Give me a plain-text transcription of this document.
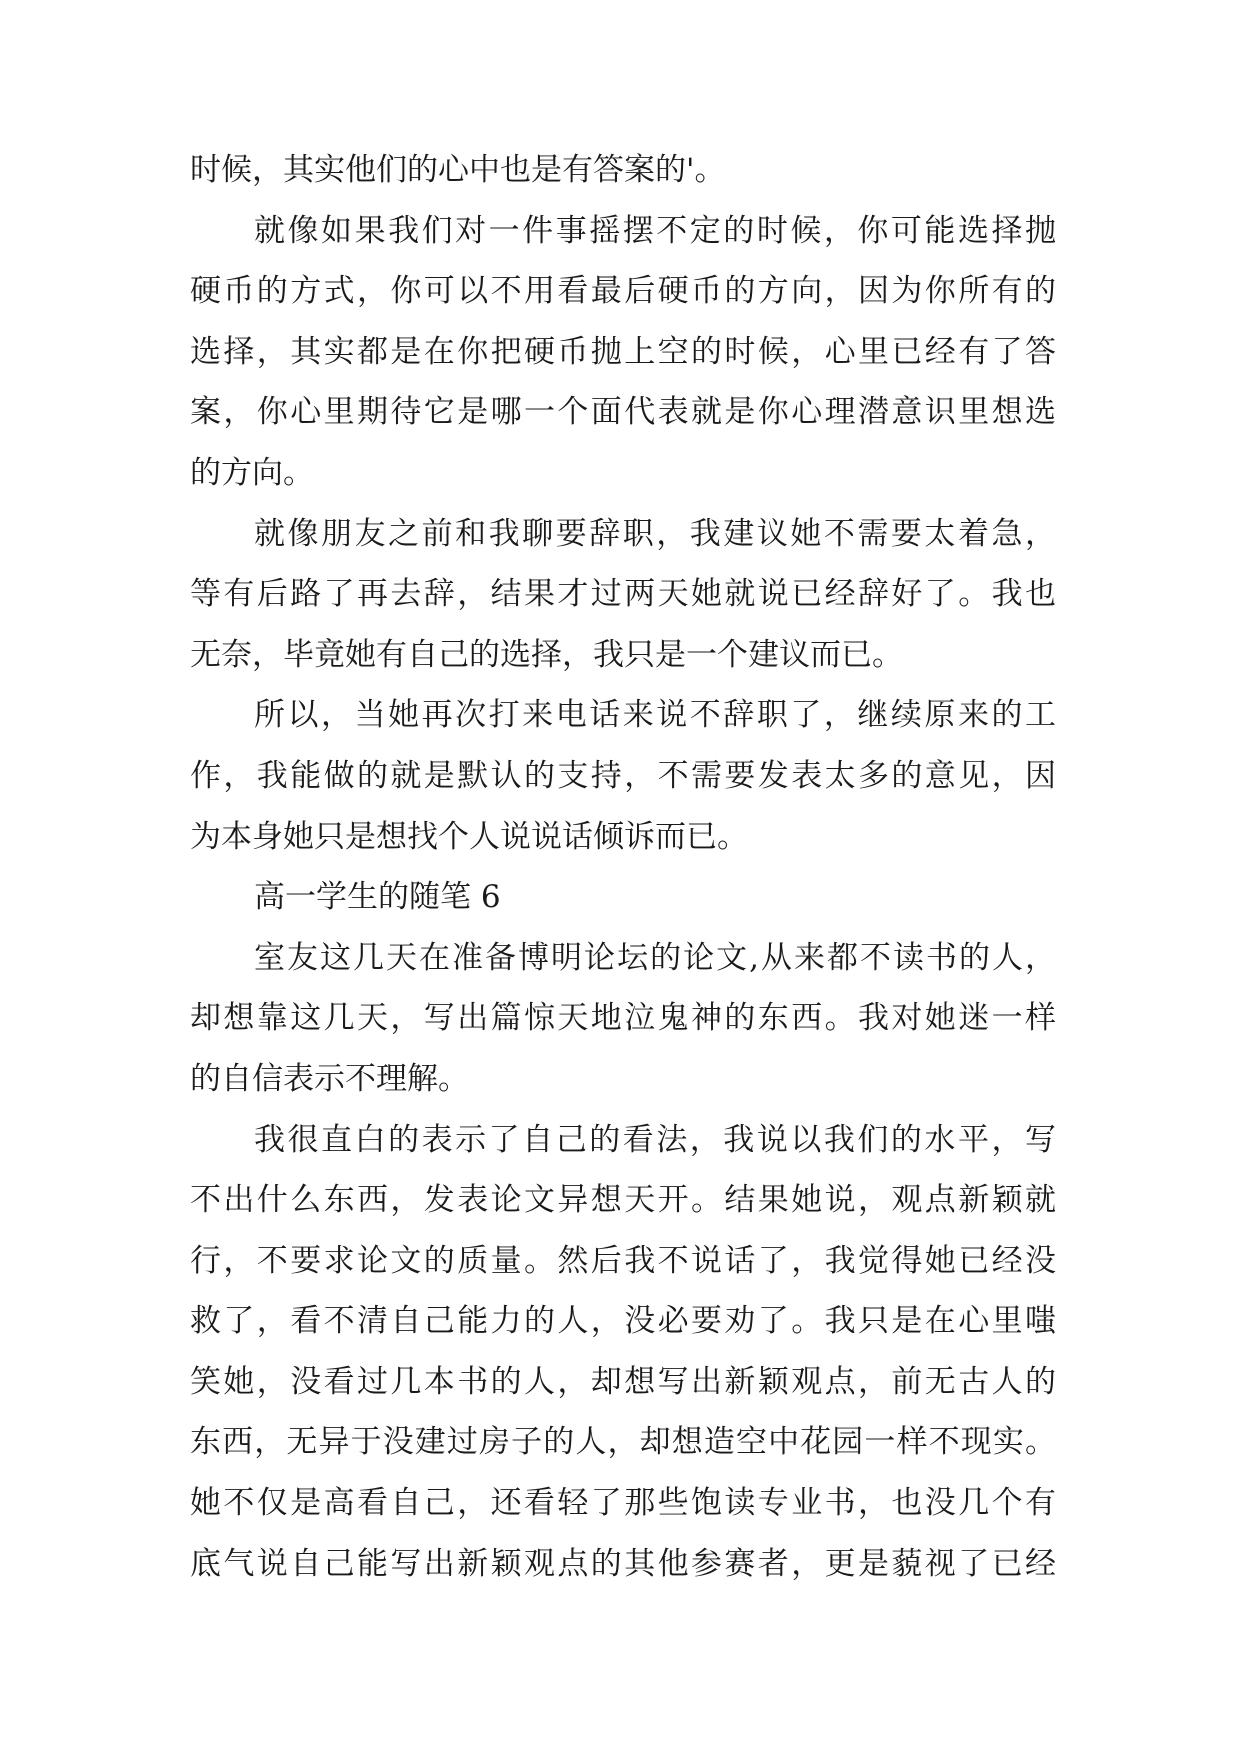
时候，其实他们的心中也是有答案的'。
就像如果我们对一件事摇摆不定的时候，你可能选择抛
硬币的方式，你可以不用看最后硬币的方向，因为你所有的
选择，其实都是在你把硬币抛上空的时候，心里已经有了答
案，你心里期待它是哪一个面代表就是你心理潜意识里想选
的方向。
就像朋友之前和我聊要辞职，我建议她不需要太着急，
等有后路了再去辞，结果才过两天她就说已经辞好了。我也
无奈，毕竟她有自己的选择，我只是一个建议而已。
所以，当她再次打来电话来说不辞职了，继续原来的工
作，我能做的就是默认的支持，不需要发表太多的意见，因
为本身她只是想找个人说说话倾诉而已。
高一学生的随笔 6
室友这几天在准备博明论坛的论文,从来都不读书的人，
却想靠这几天，写出篇惊天地泣鬼神的东西。我对她迷一样
的自信表示不理解。
我很直白的表示了自己的看法，我说以我们的水平，写
不出什么东西，发表论文异想天开。结果她说，观点新颖就
行，不要求论文的质量。然后我不说话了，我觉得她已经没
救了，看不清自己能力的人，没必要劝了。我只是在心里嗤
笑她，没看过几本书的人，却想写出新颖观点，前无古人的
东西，无异于没建过房子的人，却想造空中花园一样不现实。
她不仅是高看自己，还看轻了那些饱读专业书，也没几个有
底气说自己能写出新颖观点的其他参赛者，更是藐视了已经
